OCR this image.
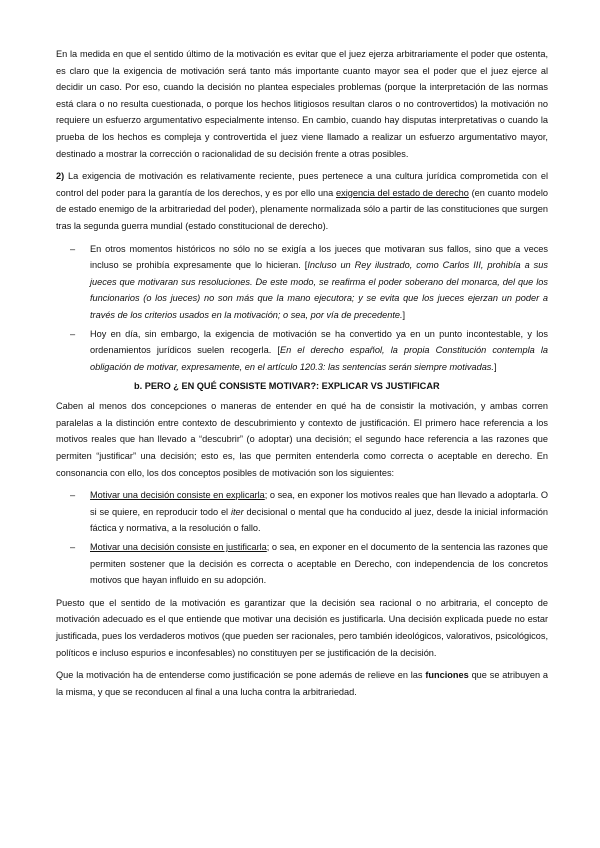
En la medida en que el sentido último de la motivación es evitar que el juez ejerza arbitrariamente el poder que ostenta, es claro que la exigencia de motivación será tanto más importante cuanto mayor sea el poder que el juez ejerce al decidir un caso. Por eso, cuando la decisión no plantea especiales problemas (porque la interpretación de las normas está clara o no resulta cuestionada, o porque los hechos litigiosos resultan claros o no controvertidos) la motivación no requiere un esfuerzo argumentativo especialmente intenso. En cambio, cuando hay disputas interpretativas o cuando la prueba de los hechos es compleja y controvertida el juez viene llamado a realizar un esfuerzo argumentativo mayor, destinado a mostrar la corrección o racionalidad de su decisión frente a otras posibles.

2) La exigencia de motivación es relativamente reciente, pues pertenece a una cultura jurídica comprometida con el control del poder para la garantía de los derechos, y es por ello una exigencia del estado de derecho (en cuanto modelo de estado enemigo de la arbitrariedad del poder), plenamente normalizada sólo a partir de las constituciones que surgen tras la segunda guerra mundial (estado constitucional de derecho).

– En otros momentos históricos no sólo no se exigía a los jueces que motivaran sus fallos, sino que a veces incluso se prohibía expresamente que lo hicieran. [Incluso un Rey ilustrado, como Carlos III, prohibía a sus jueces que motivaran sus resoluciones. De este modo, se reafirma el poder soberano del monarca, del que los funcionarios (o los jueces) no son más que la mano ejecutora; y se evita que los jueces ejerzan un poder a través de los criterios usados en la motivación; o sea, por vía de precedente.]
– Hoy en día, sin embargo, la exigencia de motivación se ha convertido ya en un punto incontestable, y los ordenamientos jurídicos suelen recogerla. [En el derecho español, la propia Constitución contempla la obligación de motivar, expresamente, en el artículo 120.3: las sentencias serán siempre motivadas.]
b. PERO ¿ EN QUÉ CONSISTE MOTIVAR?: EXPLICAR VS JUSTIFICAR

Caben al menos dos concepciones o maneras de entender en qué ha de consistir la motivación, y ambas corren paralelas a la distinción entre contexto de descubrimiento y contexto de justificación. El primero hace referencia a los motivos reales que han llevado a “descubrir” (o adoptar) una decisión; el segundo hace referencia a las razones que permiten “justificar” una decisión; esto es, las que permiten entenderla como correcta o aceptable en derecho. En consonancia con ello, los dos conceptos posibles de motivación son los siguientes:

– Motivar una decisión consiste en explicarla; o sea, en exponer los motivos reales que han llevado a adoptarla. O si se quiere, en reproducir todo el iter decisional o mental que ha conducido al juez, desde la inicial información fáctica y normativa, a la resolución o fallo.
– Motivar una decisión consiste en justificarla; o sea, en exponer en el documento de la sentencia las razones que permiten sostener que la decisión es correcta o aceptable en Derecho, con independencia de los concretos motivos que hayan influido en su adopción.

Puesto que el sentido de la motivación es garantizar que la decisión sea racional o no arbitraria, el concepto de motivación adecuado es el que entiende que motivar una decisión es justificarla. Una decisión explicada puede no estar justificada, pues los verdaderos motivos (que pueden ser racionales, pero también ideológicos, valorativos, psicológicos, políticos e incluso espurios e inconfesables) no constituyen per se justificación de la decisión.

Que la motivación ha de entenderse como justificación se pone además de relieve en las funciones que se atribuyen a la misma, y que se reconducen al final a una lucha contra la arbitrariedad.
